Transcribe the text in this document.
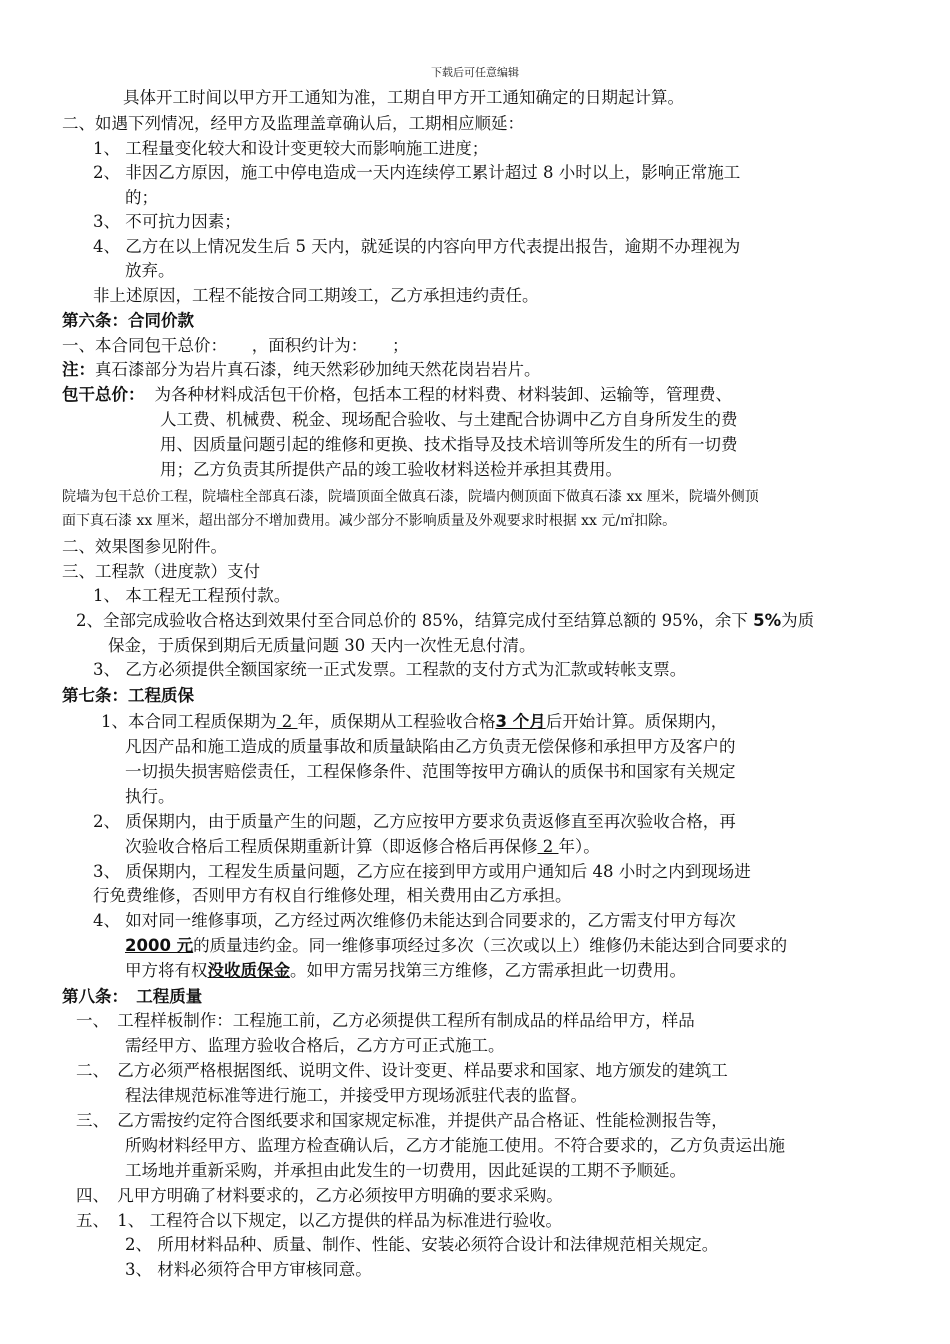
下载后可任意编辑
具体开工时间以甲方开工通知为准，工期自甲方开工通知确定的日期起计算。
二、如遇下列情况，经甲方及监理盖章确认后，工期相应顺延：
1、 工程量变化较大和设计变更较大而影响施工进度；
2、 非因乙方原因，施工中停电造成一天内连续停工累计超过 8 小时以上，影响正常施工
的；
3、 不可抗力因素；
4、 乙方在以上情况发生后 5 天内，就延误的内容向甲方代表提出报告，逾期不办理视为
放弃。
非上述原因，工程不能按合同工期竣工，乙方承担违约责任。
第六条：合同价款
一、本合同包干总价：　　，面积约计为：　　；
注：真石漆部分为岩片真石漆，纯天然彩砂加纯天然花岗岩岩片。
包干总价： 为各种材料成活包干价格，包括本工程的材料费、材料装卸、运输等，管理费、
人工费、机械费、税金、现场配合验收、与土建配合协调中乙方自身所发生的费
用、因质量问题引起的维修和更换、技术指导及技术培训等所发生的所有一切费
用；乙方负责其所提供产品的竣工验收材料送检并承担其费用。
院墙为包干总价工程，院墙柱全部真石漆，院墙顶面全做真石漆，院墙内侧顶面下做真石漆 xx 厘米，院墙外侧顶
面下真石漆 xx 厘米，超出部分不增加费用。减少部分不影响质量及外观要求时根据 xx 元/㎡扣除。
二、效果图参见附件。
三、工程款（进度款）支付
1、 本工程无工程预付款。
2、全部完成验收合格达到效果付至合同总价的 85%，结算完成付至结算总额的 95%，余下 5%为质
保金，于质保到期后无质量问题 30 天内一次性无息付清。
3、 乙方必须提供全额国家统一正式发票。工程款的支付方式为汇款或转帐支票。
第七条：工程质保
1、本合同工程质保期为 2 年，质保期从工程验收合格3 个月后开始计算。质保期内，
凡因产品和施工造成的质量事故和质量缺陷由乙方负责无偿保修和承担甲方及客户的
一切损失损害赔偿责任，工程保修条件、范围等按甲方确认的质保书和国家有关规定
执行。
2、 质保期内，由于质量产生的问题，乙方应按甲方要求负责返修直至再次验收合格，再
次验收合格后工程质保期重新计算（即返修合格后再保修 2 年）。
3、 质保期内，工程发生质量问题，乙方应在接到甲方或用户通知后 48 小时之内到现场进
行免费维修，否则甲方有权自行维修处理，相关费用由乙方承担。
4、 如对同一维修事项，乙方经过两次维修仍未能达到合同要求的，乙方需支付甲方每次
2000 元的质量违约金。同一维修事项经过多次（三次或以上）维修仍未能达到合同要求的
甲方将有权没收质保金。如甲方需另找第三方维修，乙方需承担此一切费用。
第八条：　工程质量
一、　工程样板制作：工程施工前，乙方必须提供工程所有制成品的样品给甲方，样品
需经甲方、监理方验收合格后，乙方方可正式施工。
二、　乙方必须严格根据图纸、说明文件、设计变更、样品要求和国家、地方颁发的建筑工
程法律规范标准等进行施工，并接受甲方现场派驻代表的监督。
三、　乙方需按约定符合图纸要求和国家规定标准，并提供产品合格证、性能检测报告等，
所购材料经甲方、监理方检查确认后，乙方才能施工使用。不符合要求的，乙方负责运出施
工场地并重新采购，并承担由此发生的一切费用，因此延误的工期不予顺延。
四、　凡甲方明确了材料要求的，乙方必须按甲方明确的要求采购。
五、　1、 工程符合以下规定，以乙方提供的样品为标准进行验收。
2、 所用材料品种、质量、制作、性能、安装必须符合设计和法律规范相关规定。
3、 材料必须符合甲方审核同意。
